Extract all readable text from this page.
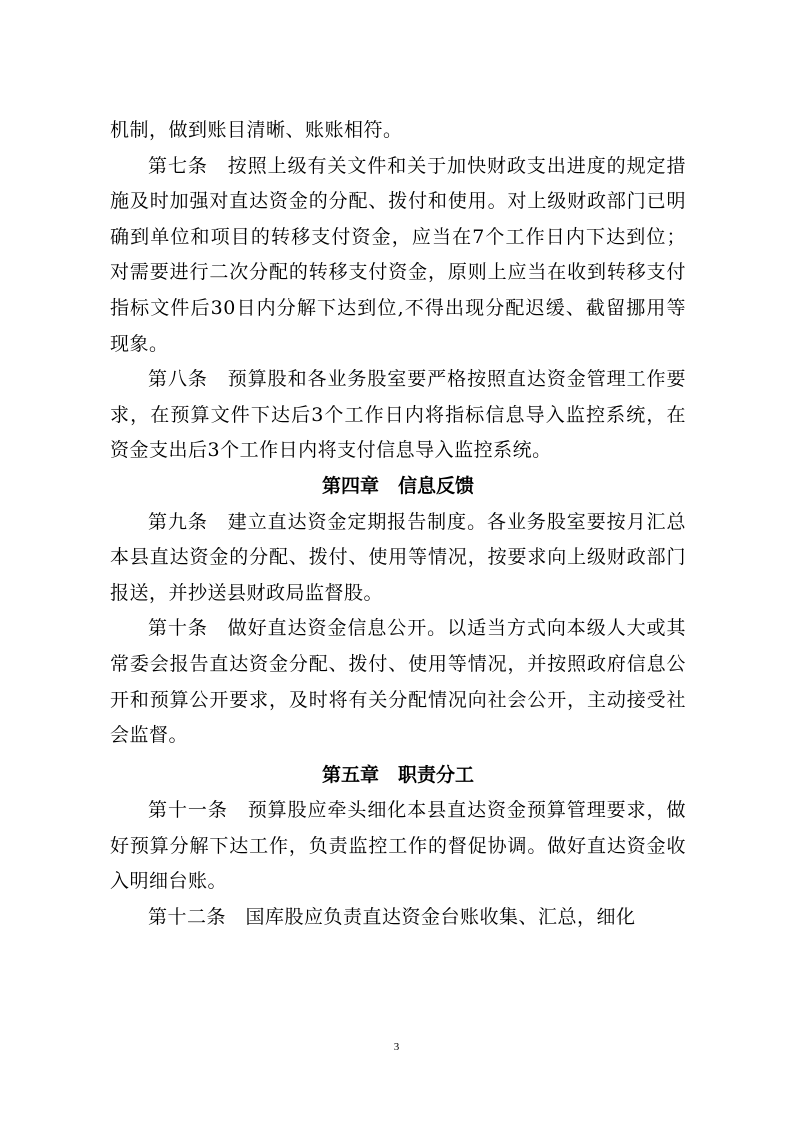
机制，做到账目清晰、账账相符。

第七条　按照上级有关文件和关于加快财政支出进度的规定措施及时加强对直达资金的分配、拨付和使用。对上级财政部门已明确到单位和项目的转移支付资金，应当在7个工作日内下达到位；对需要进行二次分配的转移支付资金，原则上应当在收到转移支付指标文件后30日内分解下达到位,不得出现分配迟缓、截留挪用等现象。

第八条　预算股和各业务股室要严格按照直达资金管理工作要求，在预算文件下达后3个工作日内将指标信息导入监控系统，在资金支出后3个工作日内将支付信息导入监控系统。

第四章　信息反馈

第九条　建立直达资金定期报告制度。各业务股室要按月汇总本县直达资金的分配、拨付、使用等情况，按要求向上级财政部门报送，并抄送县财政局监督股。

第十条　做好直达资金信息公开。以适当方式向本级人大或其常委会报告直达资金分配、拨付、使用等情况，并按照政府信息公开和预算公开要求，及时将有关分配情况向社会公开，主动接受社会监督。

第五章　职责分工

第十一条　预算股应牵头细化本县直达资金预算管理要求，做好预算分解下达工作，负责监控工作的督促协调。做好直达资金收入明细台账。

第十二条　国库股应负责直达资金台账收集、汇总，细化

3
